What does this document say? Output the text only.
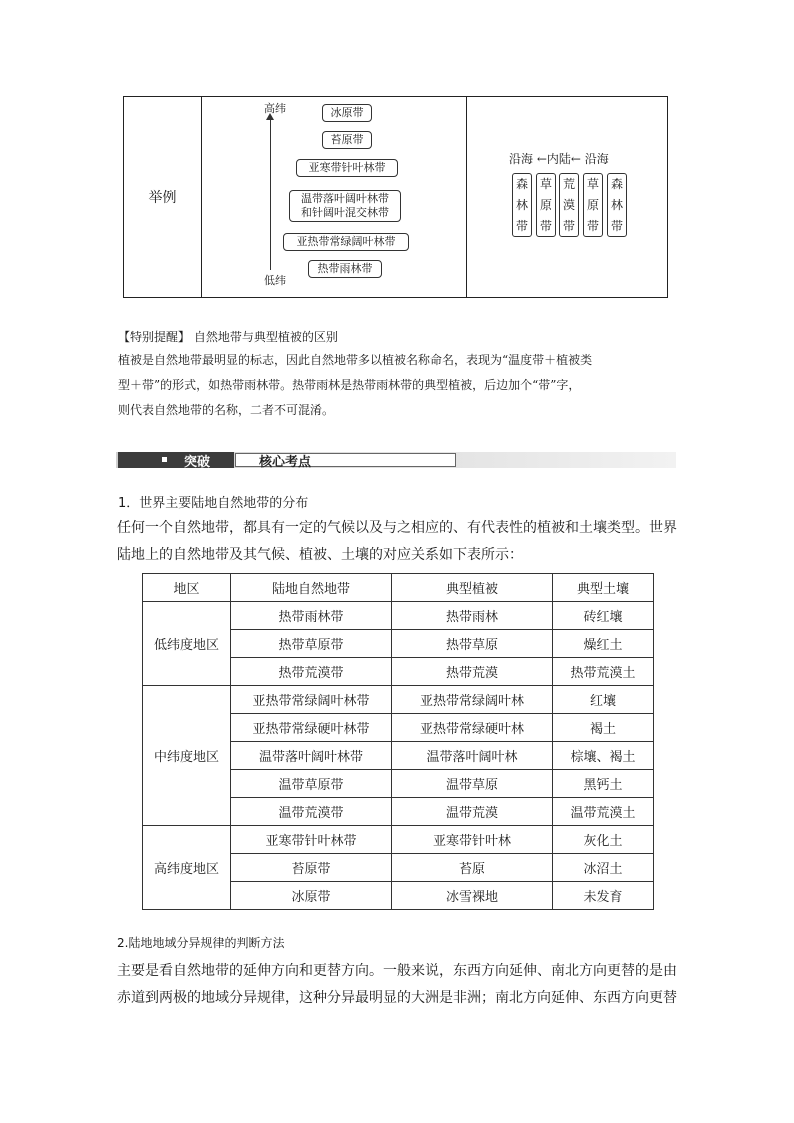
举例
高纬
低纬
冰原带
苔原带
亚寒带针叶林带
温带落叶阔叶林带
和针阔叶混交林带
亚热带常绿阔叶林带
热带雨林带
沿海 ←内陆← 沿海
森
林
带
草
原
带
荒
漠
带
草
原
带
森
林
带
【特别提醒】 自然地带与典型植被的区别
植被是自然地带最明显的标志，因此自然地带多以植被名称命名，表现为“温度带＋植被类
型＋带”的形式，如热带雨林带。热带雨林是热带雨林带的典型植被，后边加个“带”字，
则代表自然地带的名称，二者不可混淆。
突破	核心考点
1．世界主要陆地自然地带的分布
任何一个自然地带，都具有一定的气候以及与之相应的、有代表性的植被和土壤类型。世界
陆地上的自然地带及其气候、植被、土壤的对应关系如下表所示：
地区	陆地自然地带	典型植被	典型土壤
低纬度地区	热带雨林带	热带雨林	砖红壤
	热带草原带	热带草原	燥红土
	热带荒漠带	热带荒漠	热带荒漠土
中纬度地区	亚热带常绿阔叶林带	亚热带常绿阔叶林	红壤
	亚热带常绿硬叶林带	亚热带常绿硬叶林	褐土
	温带落叶阔叶林带	温带落叶阔叶林	棕壤、褐土
	温带草原带	温带草原	黑钙土
	温带荒漠带	温带荒漠	温带荒漠土
高纬度地区	亚寒带针叶林带	亚寒带针叶林	灰化土
	苔原带	苔原	冰沼土
	冰原带	冰雪裸地	未发育
2.陆地地域分异规律的判断方法
主要是看自然地带的延伸方向和更替方向。一般来说，东西方向延伸、南北方向更替的是由
赤道到两极的地域分异规律，这种分异最明显的大洲是非洲；南北方向延伸、东西方向更替
